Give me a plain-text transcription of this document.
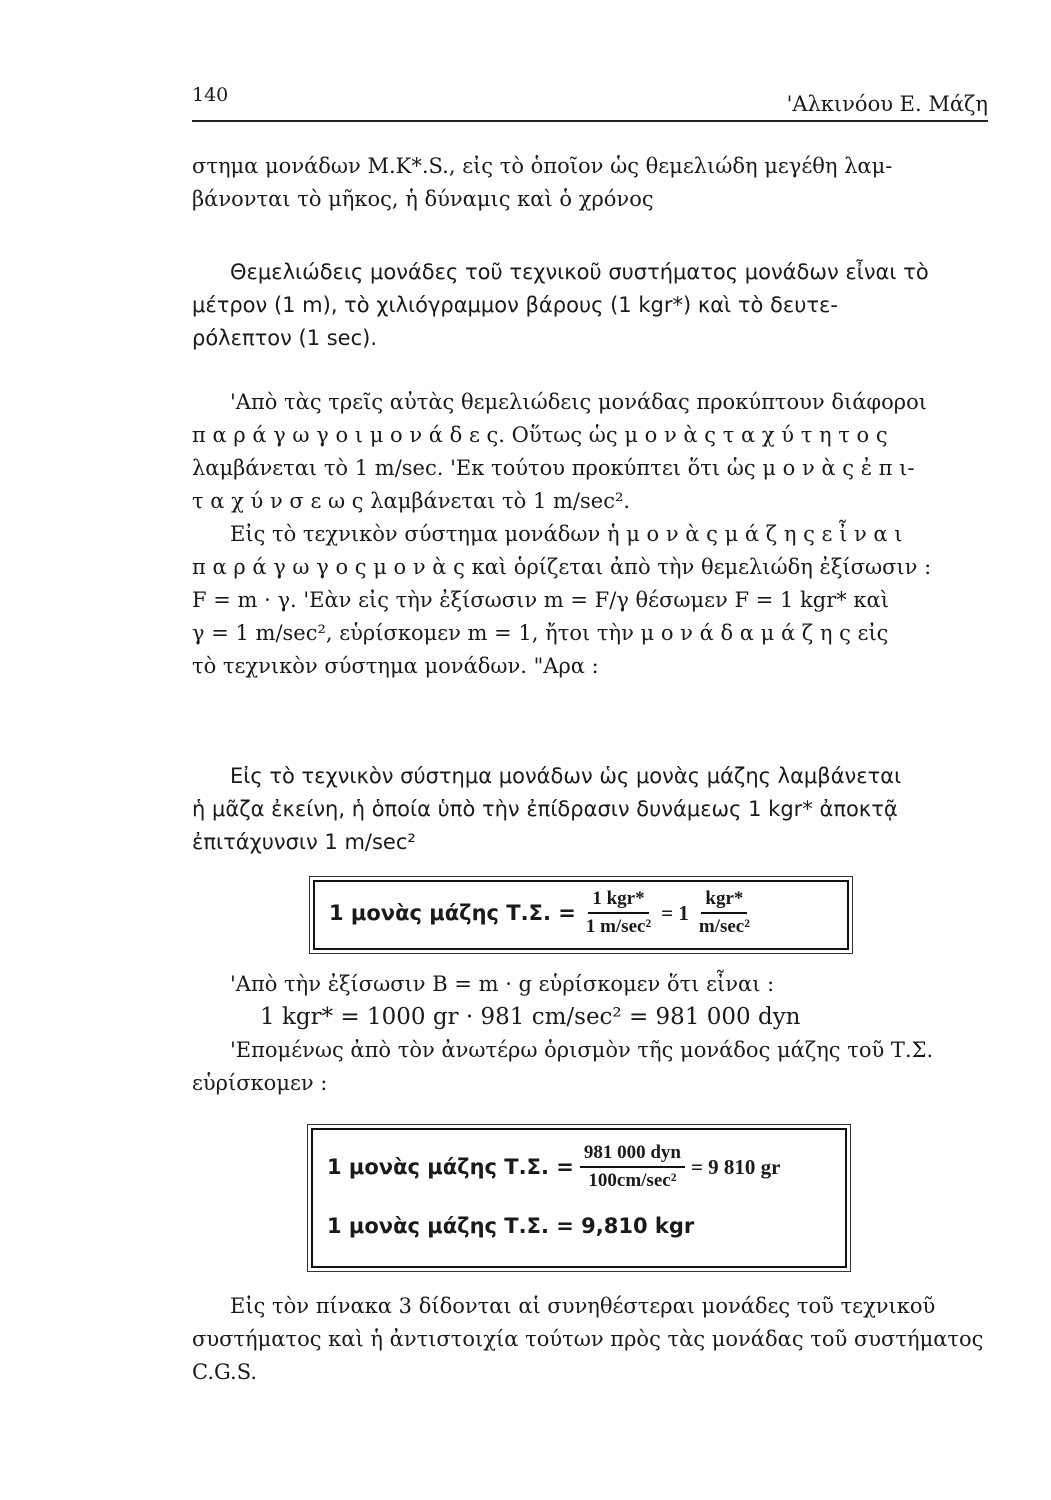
140	'Αλκινόου Ε. Μάζη
στημα μονάδων M.K*.S., εἰς τὸ ὁποῖον ὡς θεμελιώδη μεγέθη λαμ-
βάνονται τὸ μῆκος, ἡ δύναμις καὶ ὁ χρόνος
Θεμελιώδεις μονάδες τοῦ τεχνικοῦ συστήματος μονάδων εἶναι τὸ
μέτρον (1 m), τὸ χιλιόγραμμον βάρους (1 kgr*) καὶ τὸ δευτε-
ρόλεπτον (1 sec).
'Απὸ τὰς τρεῖς αὐτὰς θεμελιώδεις μονάδας προκύπτουν διάφοροι
π α ρ ά γ ω γ ο ι μ ο ν ά δ ε ς. Οὕτως ὡς μ ο ν ὰ ς τ α χ ύ τ η τ ο ς
λαμβάνεται τὸ 1 m/sec. 'Εκ τούτου προκύπτει ὅτι ὡς μ ο ν ὰ ς ἐ π ι-
τ α χ ύ ν σ ε ω ς λαμβάνεται τὸ 1 m/sec².
Εἰς τὸ τεχνικὸν σύστημα μονάδων ἡ μ ο ν ὰ ς μ ά ζ η ς ε ἶ ν α ι
π α ρ ά γ ω γ ο ς μ ο ν ὰ ς καὶ ὁρίζεται ἀπὸ τὴν θεμελιώδη ἐξίσωσιν :
F = m · γ. 'Εὰν εἰς τὴν ἐξίσωσιν m = F/γ θέσωμεν F = 1 kgr* καὶ
γ = 1 m/sec², εὑρίσκομεν m = 1, ἤτοι τὴν μ ο ν ά δ α μ ά ζ η ς εἰς
τὸ τεχνικὸν σύστημα μονάδων. "Αρα :
Εἰς τὸ τεχνικὸν σύστημα μονάδων ὡς μονὰς μάζης λαμβάνεται
ἡ μᾶζα ἐκείνη, ἡ ὁποία ὑπὸ τὴν ἐπίδρασιν δυνάμεως 1 kgr* ἀποκτᾷ
ἐπιτάχυνσιν 1 m/sec²
1 μονὰς μάζης Τ.Σ. = $\frac{\text{1 kgr*}}{\text{1 m/sec²}} = 1 \frac{\text{kgr*}}{\text{m/sec²}}$
'Απὸ τὴν ἐξίσωσιν B = m · g εὑρίσκομεν ὅτι εἶναι :
1 kgr* = 1000 gr · 981 cm/sec² = 981 000 dyn
'Επομένως ἀπὸ τὸν ἀνωτέρω ὁρισμὸν τῆς μονάδος μάζης τοῦ Τ.Σ.
εὑρίσκομεν :
1 μονὰς μάζης Τ.Σ. = $\frac{\text{981 000 dyn}}{\text{100cm/sec²}} = 9$ 810 gr
1 μονὰς μάζης Τ.Σ. = 9,810 kgr
Εἰς τὸν πίνακα 3 δίδονται αἱ συνηθέστεραι μονάδες τοῦ τεχνικοῦ
συστήματος καὶ ἡ ἀντιστοιχία τούτων πρὸς τὰς μονάδας τοῦ συστήματος
C.G.S.
